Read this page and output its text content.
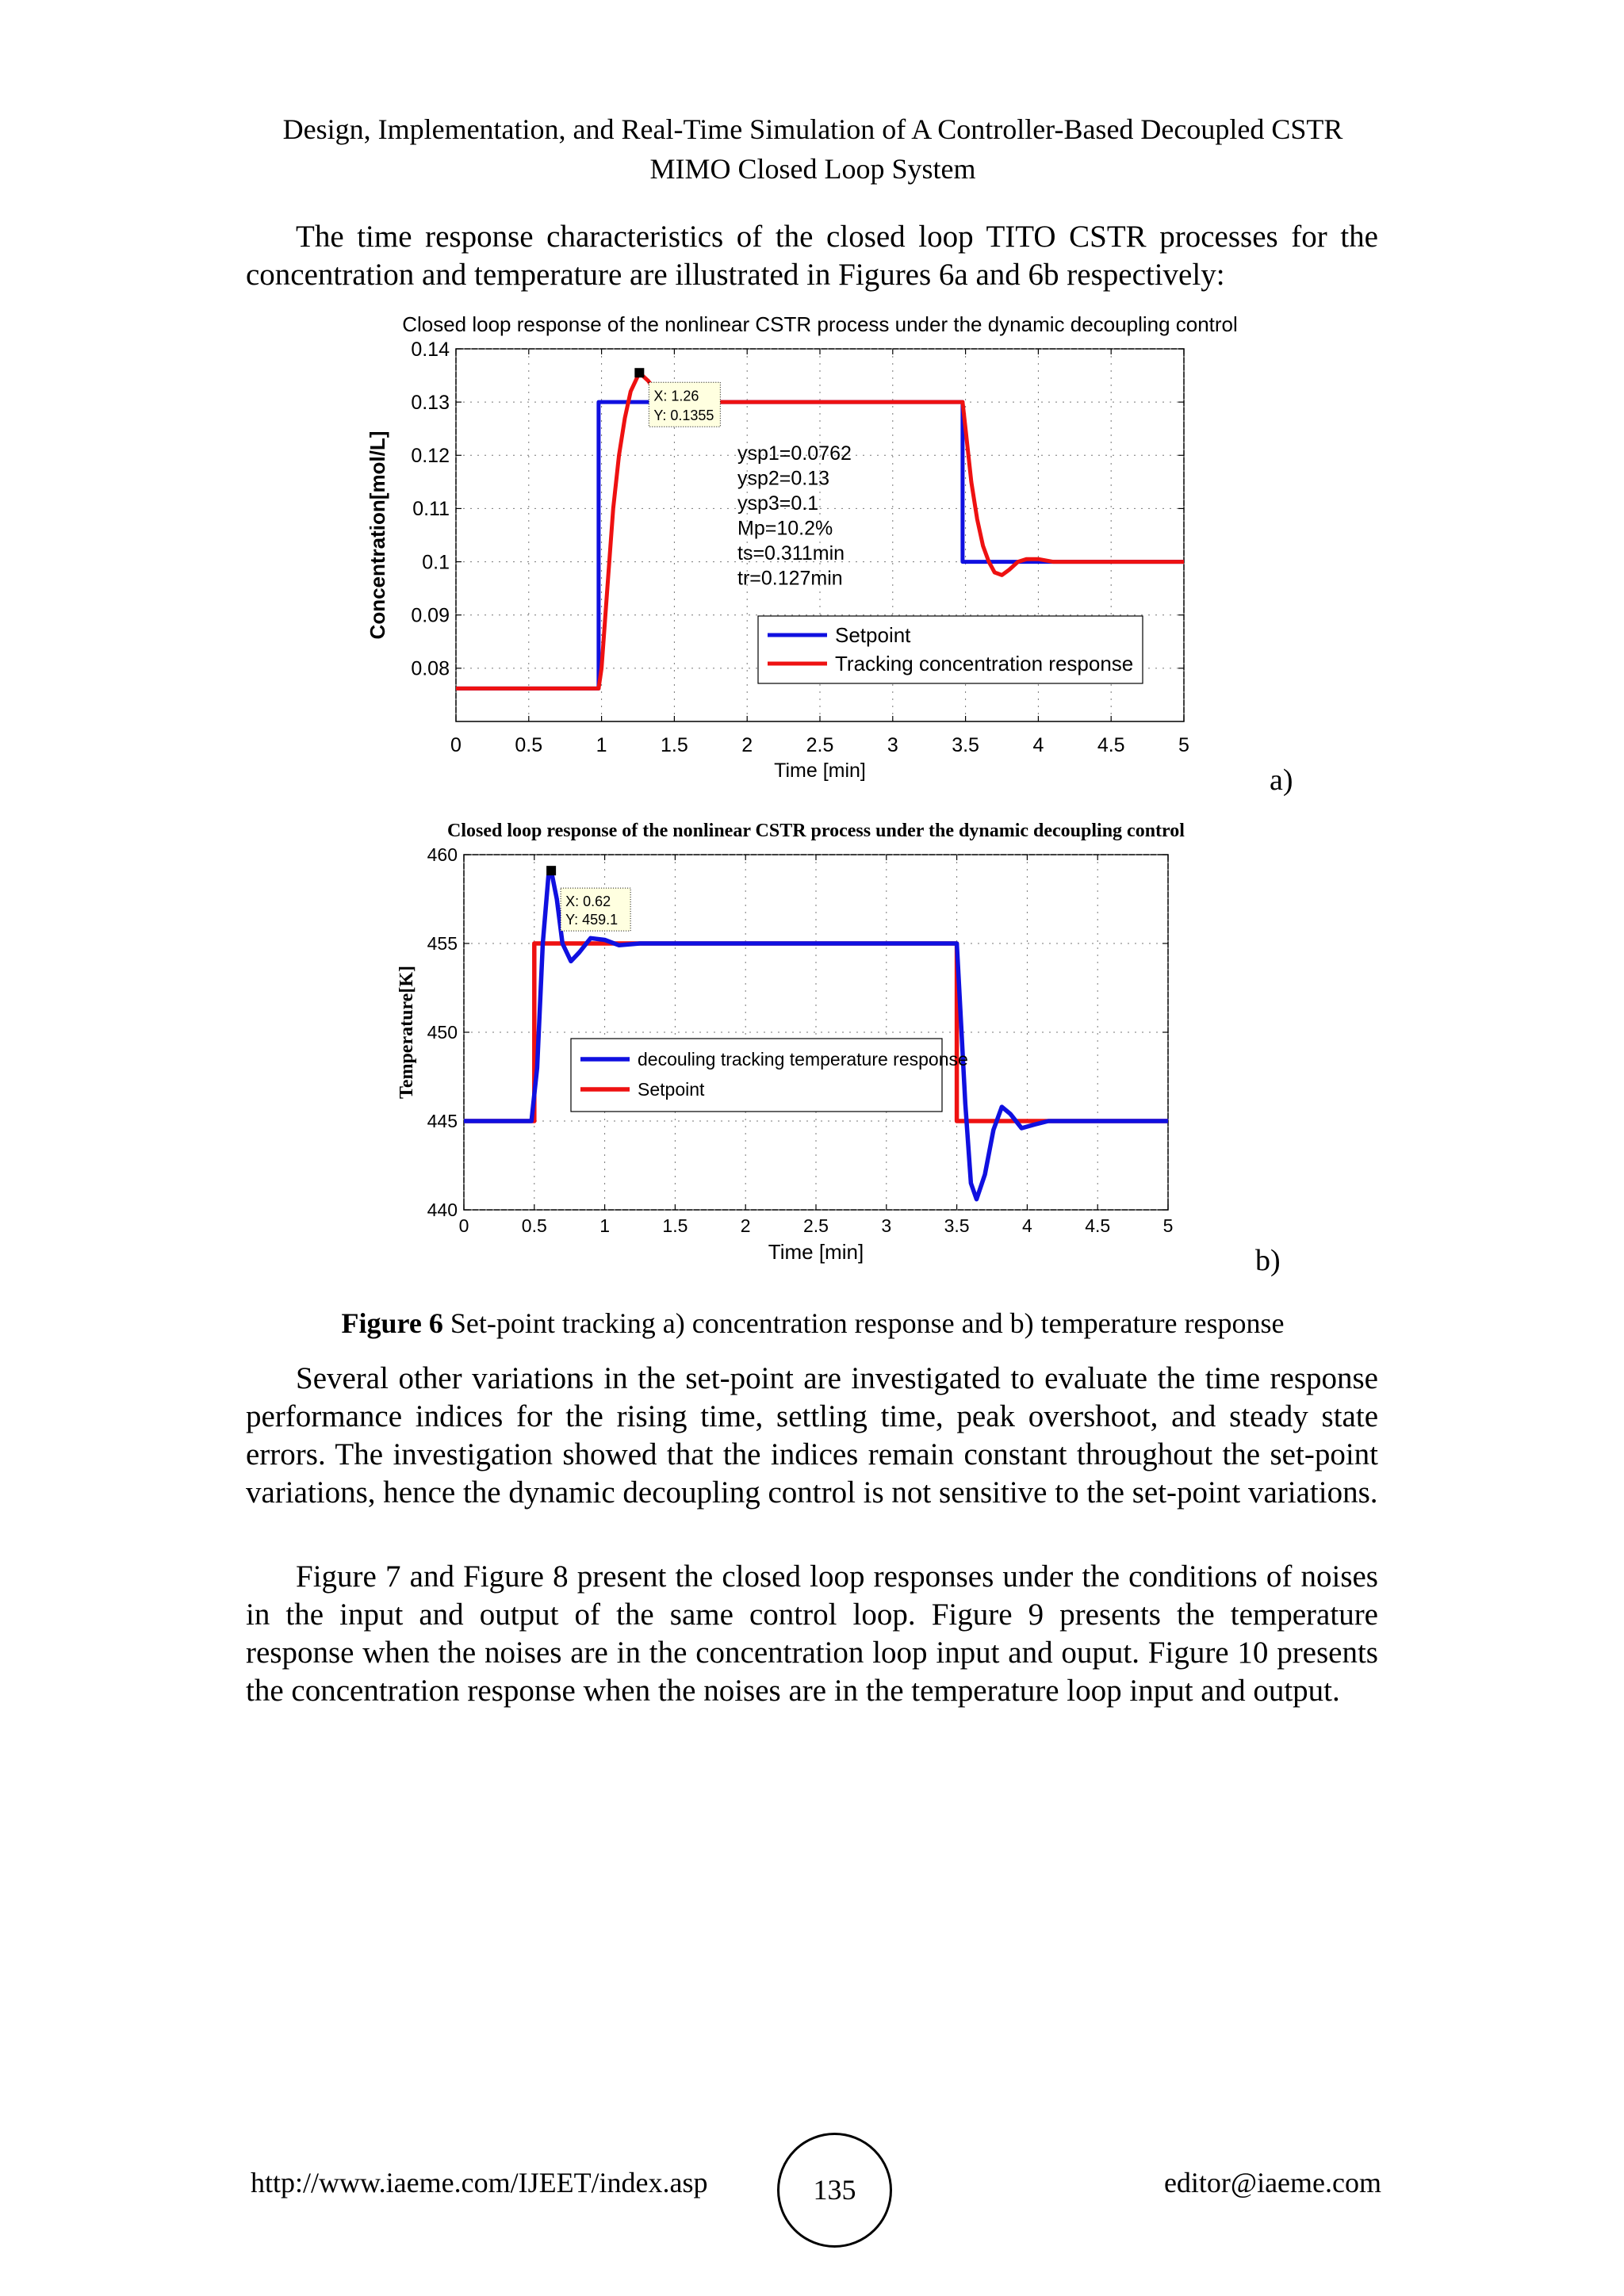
Design, Implementation, and Real-Time Simulation of A Controller-Based Decoupled CSTR
MIMO Closed Loop System
The time response characteristics of the closed loop TITO CSTR processes for the concentration and temperature are illustrated in Figures 6a and 6b respectively:
Closed loop response of the nonlinear CSTR process under the dynamic decoupling control
0	0.5	1	1.5	2	2.5	3	3.5	4	4.5	5
0.08
0.09
0.1
0.11
0.12
0.13
0.14
Time [min]
Concentration[mol/L]
X: 1.26
Y: 0.1355
ysp1=0.0762
ysp2=0.13
ysp3=0.1
Mp=10.2%
ts=0.311min
tr=0.127min
Setpoint
Tracking concentration response
a)
Closed loop response of the nonlinear CSTR process under the dynamic decoupling control
0	0.5	1	1.5	2	2.5	3	3.5	4	4.5	5
440
445
450
455
460
Time [min]
Temperature[K]
X: 0.62
Y: 459.1
decouling tracking temperature response
Setpoint
b)
Figure 6 Set-point tracking a) concentration response and b) temperature response
Several other variations in the set-point are investigated to evaluate the time response performance indices for the rising time, settling time, peak overshoot, and steady state errors. The investigation showed that the indices remain constant throughout the set-point variations, hence the dynamic decoupling control is not sensitive to the set-point variations.
Figure 7 and Figure 8 present the closed loop responses under the conditions of noises in the input and output of the same control loop. Figure 9 presents the temperature response when the noises are in the concentration loop input and ouput. Figure 10 presents the concentration response when the noises are in the temperature loop input and output.
http://www.iaeme.com/IJEET/index.asp	135	editor@iaeme.com
